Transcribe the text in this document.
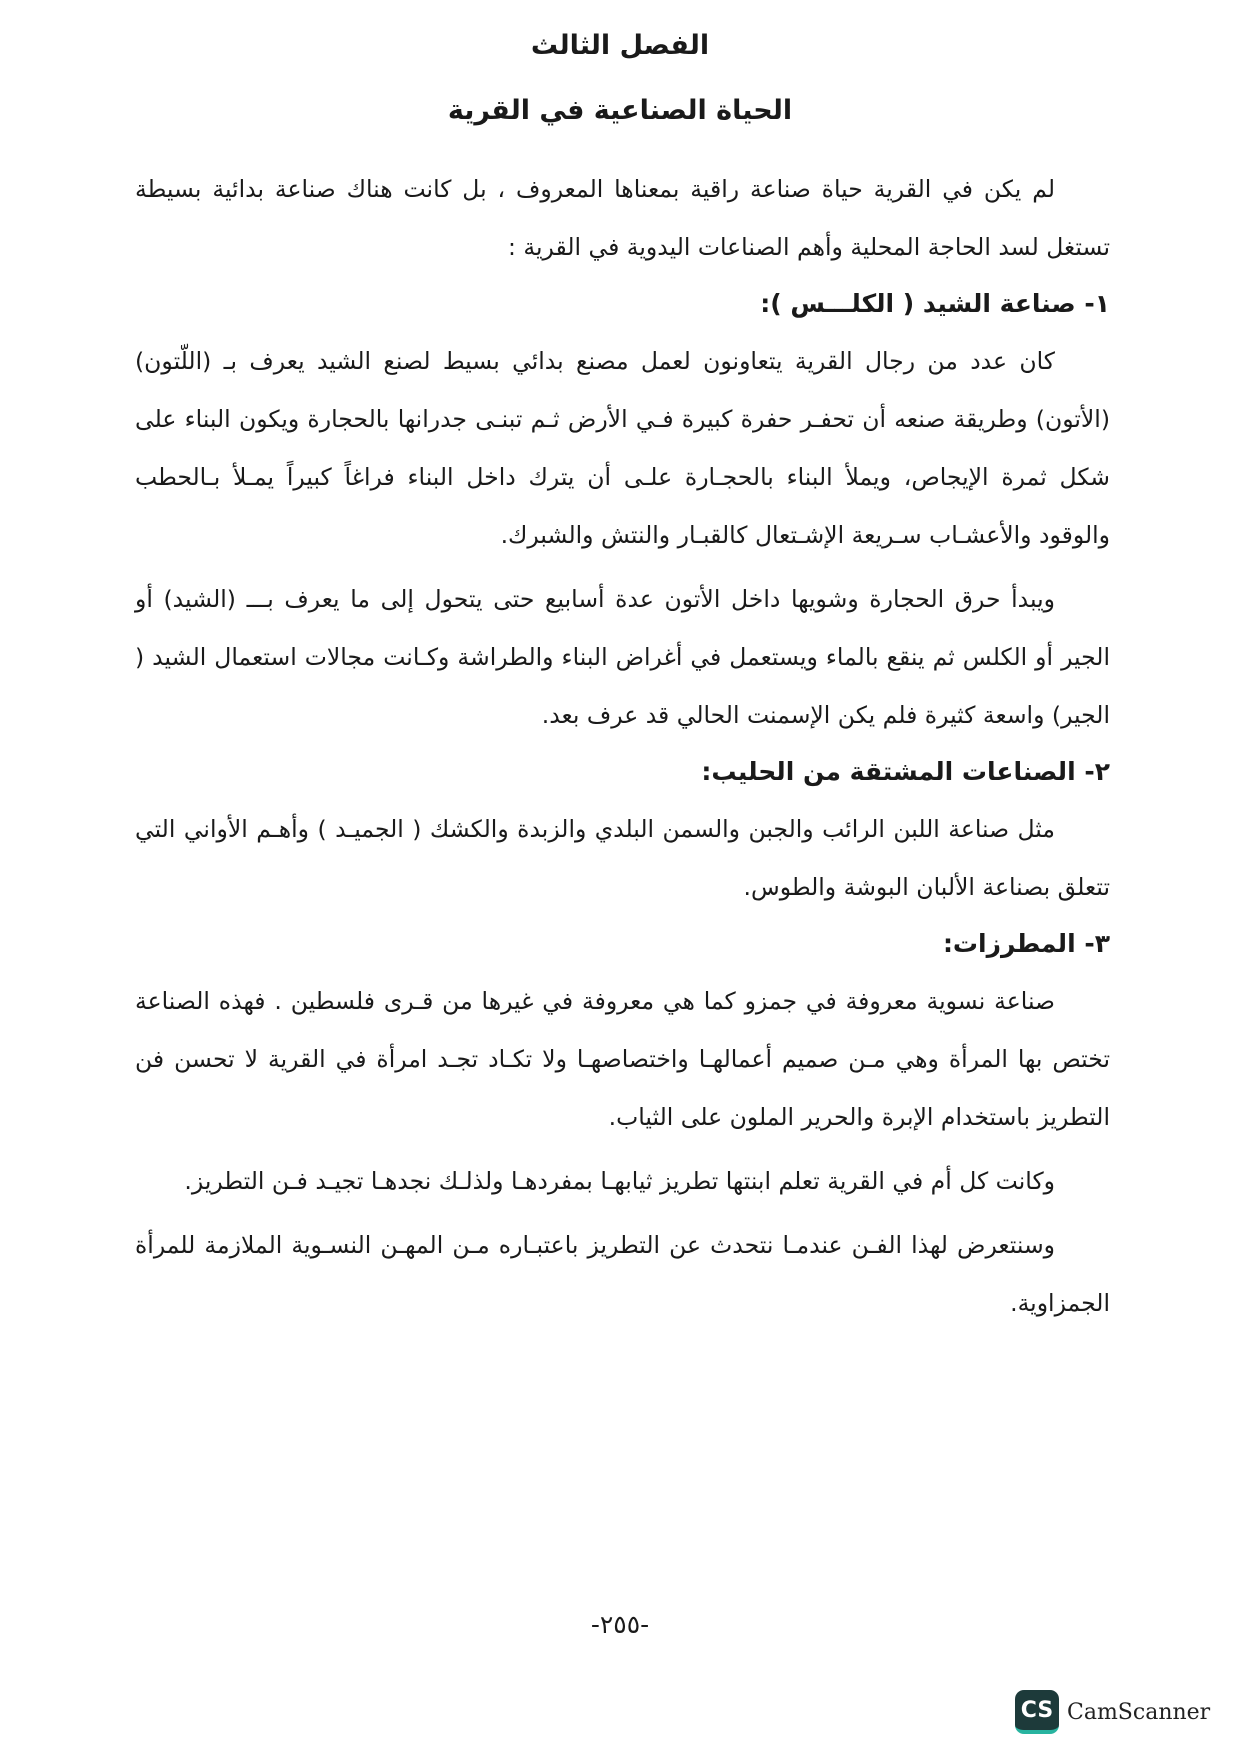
الفصل الثالث
الحياة الصناعية في القرية

لم يكن في القرية حياة صناعة راقية بمعناها المعروف ، بل كانت هناك صناعة بدائية بسيطة تستغل لسد الحاجة المحلية وأهم الصناعات اليدوية في القرية :

١- صناعة الشيد ( الكلـــس ):

كان عدد من رجال القرية يتعاونون لعمل مصنع بدائي بسيط لصنع الشيد يعرف بـ (اللّتون) (الأتون) وطريقة صنعه أن تحفـر حفرة كبيرة فـي الأرض ثـم تبنـى جدرانها بالحجارة ويكون البناء على شكل ثمرة الإيجاص، ويملأ البناء بالحجـارة علـى أن يترك داخل البناء فراغاً كبيراً يمـلأ بـالحطب والوقود والأعشـاب سـريعة الإشـتعال كالقبـار والنتش والشبرك.

ويبدأ حرق الحجارة وشويها داخل الأتون عدة أسابيع حتى يتحول إلى ما يعرف بـــ (الشيد) أو الجير أو الكلس ثم ينقع بالماء ويستعمل في أغراض البناء والطراشة وكـانت مجالات استعمال الشيد ( الجير) واسعة كثيرة فلم يكن الإسمنت الحالي قد عرف بعد.

٢- الصناعات المشتقة من الحليب:

مثل صناعة اللبن الرائب والجبن والسمن البلدي والزبدة والكشك ( الجميـد ) وأهـم الأواني التي تتعلق بصناعة الألبان البوشة والطوس.

٣- المطرزات:

صناعة نسوية معروفة في جمزو كما هي معروفة في غيرها من قـرى فلسطين . فهذه الصناعة تختص بها المرأة وهي مـن صميم أعمالهـا واختصاصهـا ولا تكـاد تجـد امرأة في القرية لا تحسن فن التطريز باستخدام الإبرة والحرير الملون على الثياب.

وكانت كل أم في القرية تعلم ابنتها تطريز ثيابهـا بمفردهـا ولذلـك نجدهـا تجيـد فـن التطريز.

وسنتعرض لهذا الفـن عندمـا نتحدث عن التطريز باعتبـاره مـن المهـن النسـوية الملازمة للمرأة الجمزاوية.

-٢٥٥-
CS CamScanner
